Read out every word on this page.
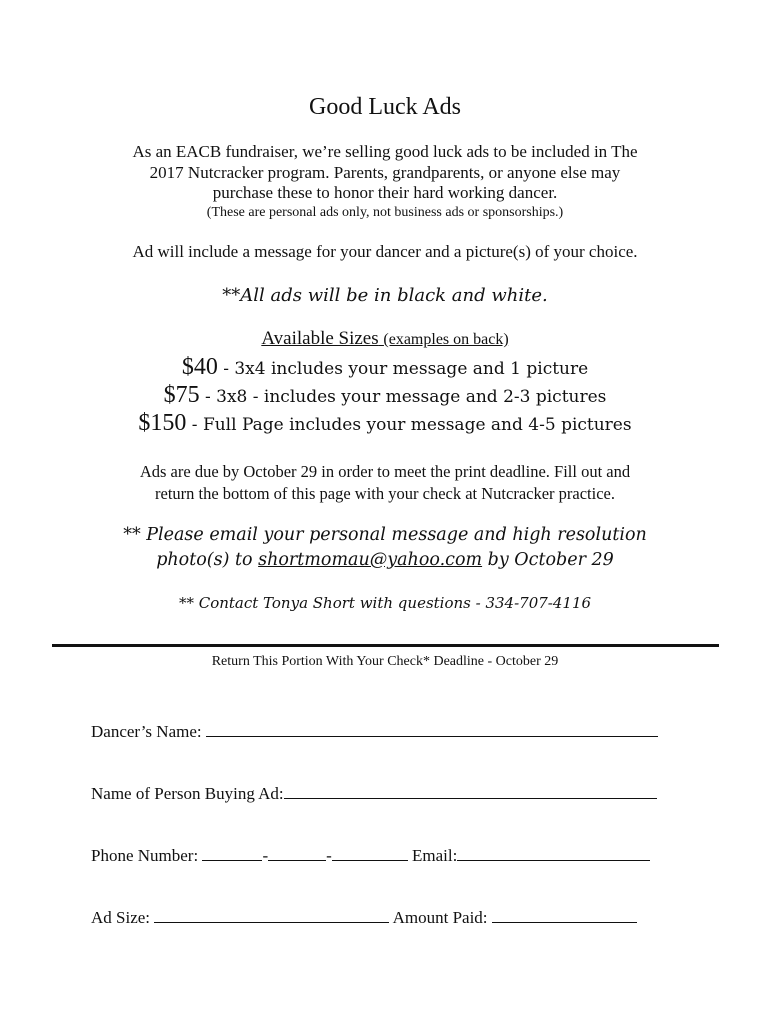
Good Luck Ads
As an EACB fundraiser, we’re selling good luck ads to be included in The
2017 Nutcracker program. Parents, grandparents, or anyone else may
purchase these to honor their hard working dancer.
(These are personal ads only, not business ads or sponsorships.)
Ad will include a message for your dancer and a picture(s) of your choice.
**All ads will be in black and white.
Available Sizes (examples on back)
$40 - 3x4 includes your message and 1 picture
$75 - 3x8 - includes your message and 2-3 pictures
$150 - Full Page includes your message and 4-5 pictures
Ads are due by October 29 in order to meet the print deadline. Fill out and
return the bottom of this page with your check at Nutcracker practice.
** Please email your personal message and high resolution
photo(s) to shortmomau@yahoo.com by October 29
** Contact Tonya Short with questions - 334-707-4116
Return This Portion With Your Check* Deadline - October 29
Dancer’s Name:
Name of Person Buying Ad:
Phone Number:	-	-	Email:
Ad Size:	Amount Paid:
